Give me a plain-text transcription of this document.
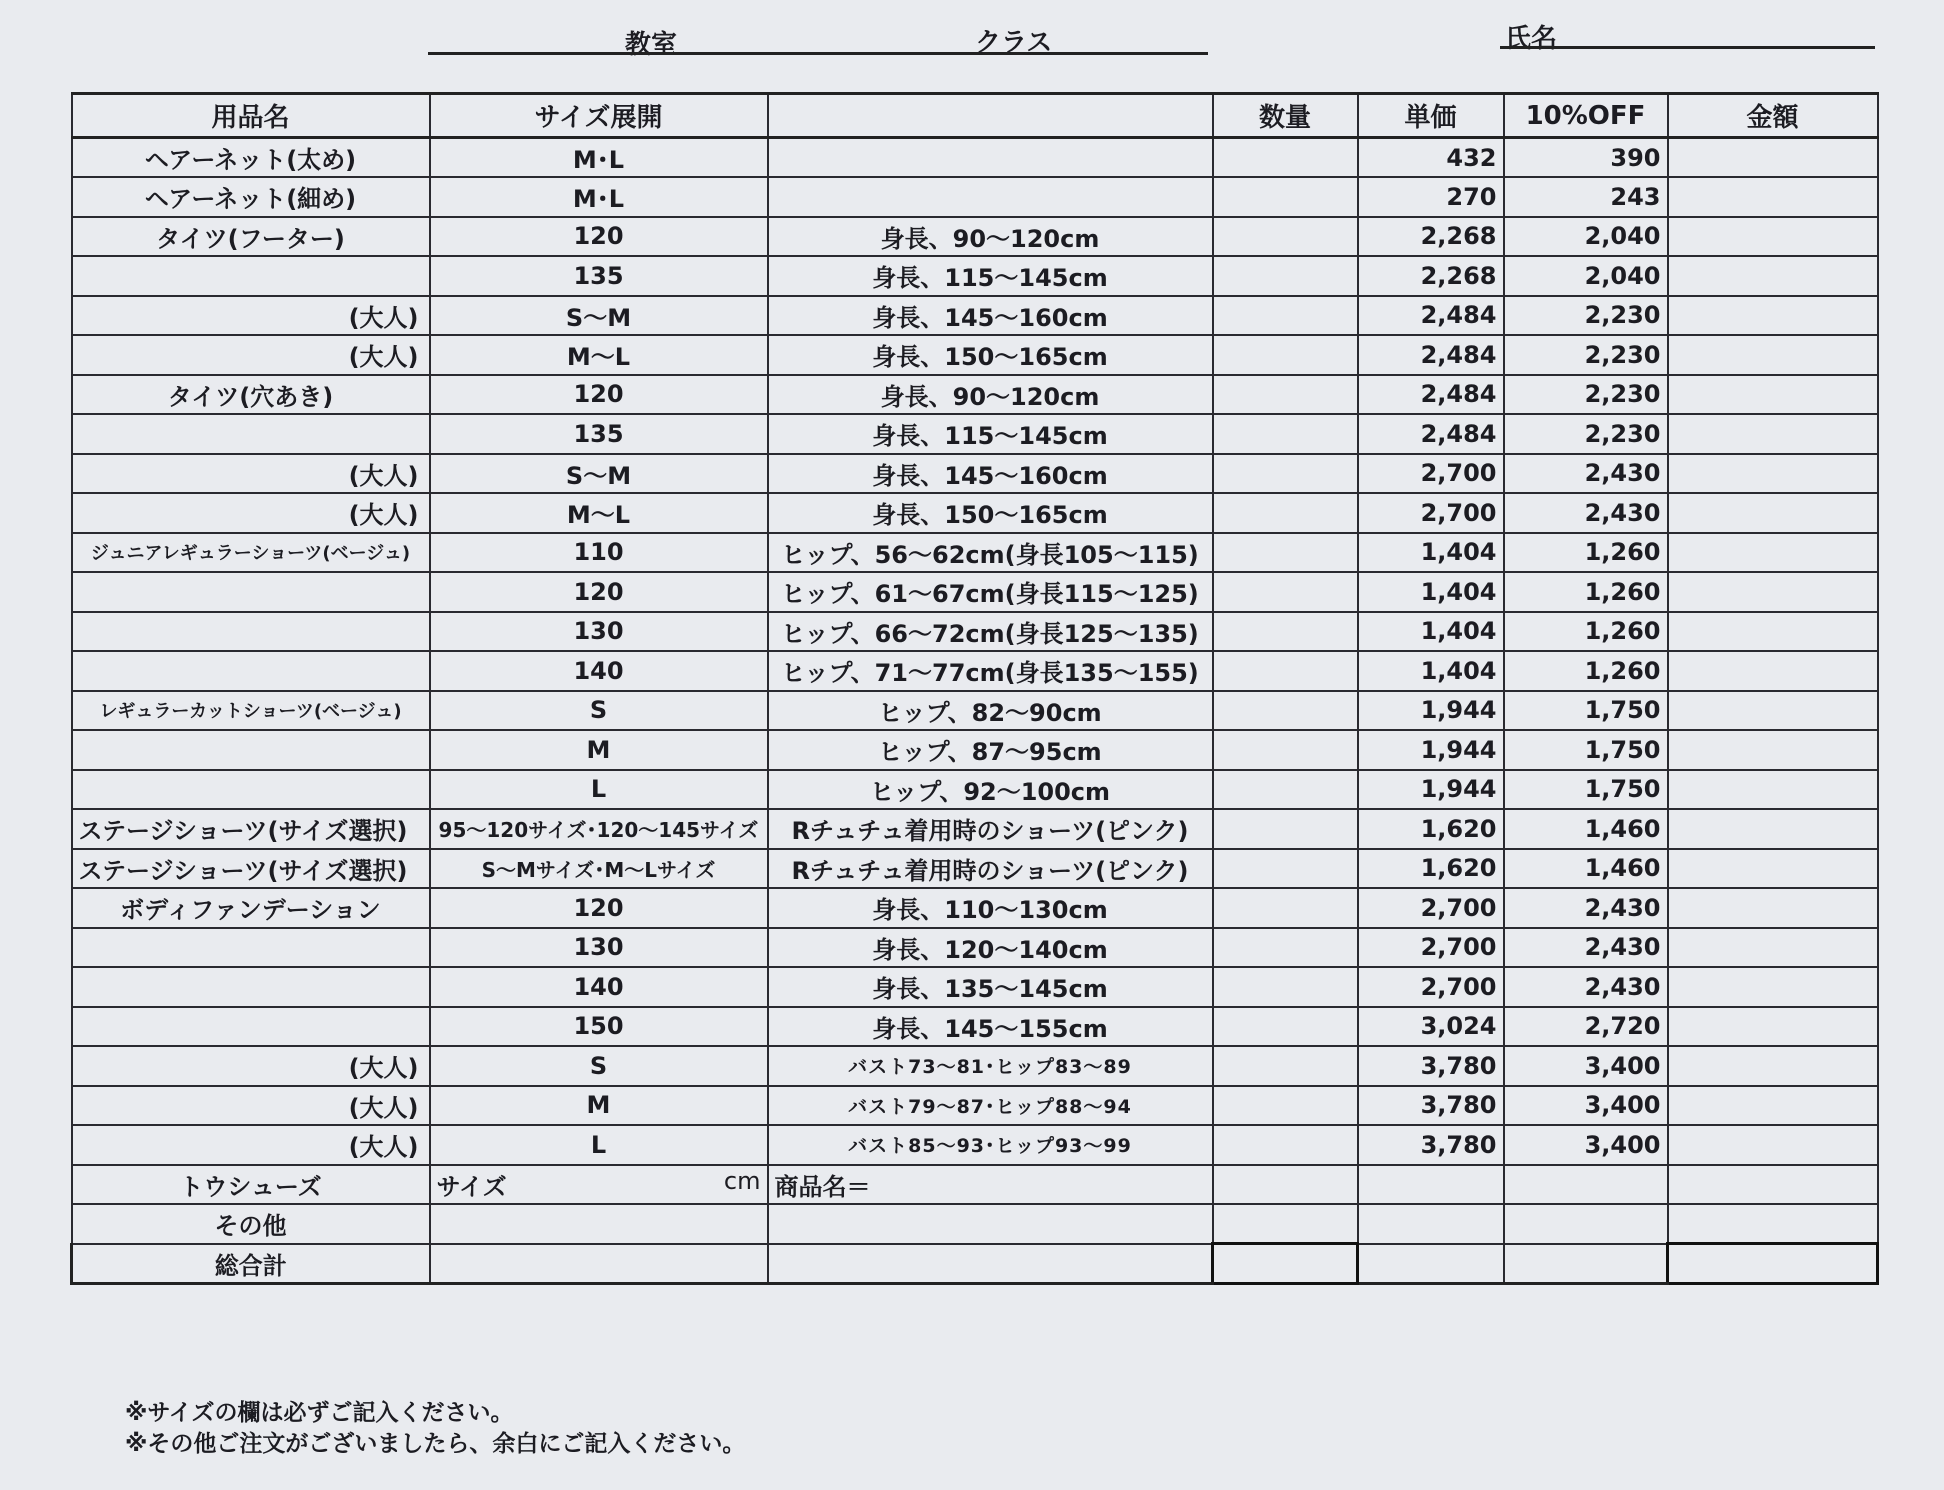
教室	クラス	氏名
用品名	サイズ展開		数量	単価	10%OFF	金額
ヘアーネット(太め)	M･L			432	390	
ヘアーネット(細め)	M･L			270	243	
タイツ(フーター)	120	身長、90～120cm		2,268	2,040	
	135	身長、115～145cm		2,268	2,040	
(大人)	S～M	身長、145～160cm		2,484	2,230	
(大人)	M～L	身長、150～165cm		2,484	2,230	
タイツ(穴あき)	120	身長、90～120cm		2,484	2,230	
	135	身長、115～145cm		2,484	2,230	
(大人)	S～M	身長、145～160cm		2,700	2,430	
(大人)	M～L	身長、150～165cm		2,700	2,430	
ジュニアレギュラーショーツ(ベージュ)	110	ヒップ、56～62cm(身長105～115)		1,404	1,260	
	120	ヒップ、61～67cm(身長115～125)		1,404	1,260	
	130	ヒップ、66～72cm(身長125～135)		1,404	1,260	
	140	ヒップ、71～77cm(身長135～155)		1,404	1,260	
レギュラーカットショーツ(ベージュ)	S	ヒップ、82～90cm		1,944	1,750	
	M	ヒップ、87～95cm		1,944	1,750	
	L	ヒップ、92～100cm		1,944	1,750	
ステージショーツ(サイズ選択)	95～120サイズ･120～145サイズ	Rチュチュ着用時のショーツ(ピンク)		1,620	1,460	
ステージショーツ(サイズ選択)	S～Mサイズ･M～Lサイズ	Rチュチュ着用時のショーツ(ピンク)		1,620	1,460	
ボディファンデーション	120	身長、110～130cm		2,700	2,430	
	130	身長、120～140cm		2,700	2,430	
	140	身長、135～145cm		2,700	2,430	
	150	身長、145～155cm		3,024	2,720	
(大人)	S	バスト73～81･ヒップ83～89		3,780	3,400	
(大人)	M	バスト79～87･ヒップ88～94		3,780	3,400	
(大人)	L	バスト85～93･ヒップ93～99		3,780	3,400	
トウシューズ	サイズ cm	商品名＝				
その他						
総合計						
※サイズの欄は必ずご記入ください。
※その他ご注文がございましたら、余白にご記入ください。
